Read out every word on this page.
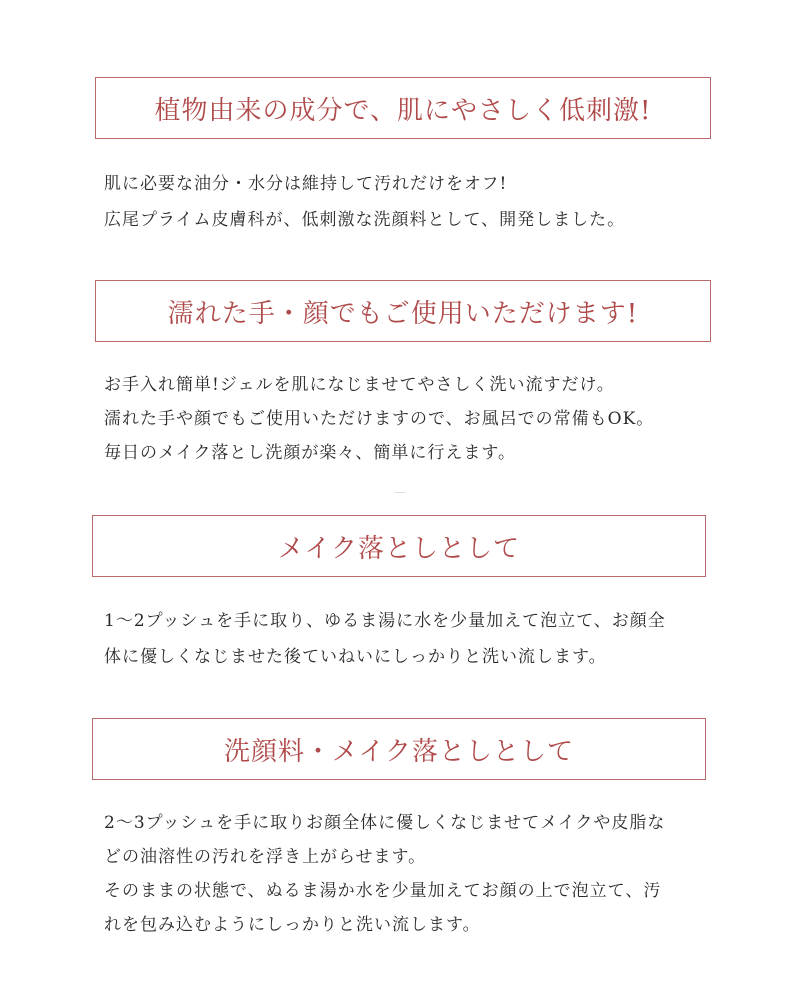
植物由来の成分で、肌にやさしく低刺激!
肌に必要な油分・水分は維持して汚れだけをオフ!
広尾プライム皮膚科が、低刺激な洗顔料として、開発しました。
濡れた手・顔でもご使用いただけます!
お手入れ簡単!ジェルを肌になじませてやさしく洗い流すだけ。
濡れた手や顔でもご使用いただけますので、お風呂での常備もOK。
毎日のメイク落とし洗顔が楽々、簡単に行えます。
メイク落としとして
1～2プッシュを手に取り、ゆるま湯に水を少量加えて泡立て、お顔全
体に優しくなじませた後ていねいにしっかりと洗い流します。
洗顔料・メイク落としとして
2～3プッシュを手に取りお顔全体に優しくなじませてメイクや皮脂な
どの油溶性の汚れを浮き上がらせます。
そのままの状態で、ぬるま湯か水を少量加えてお顔の上で泡立て、汚
れを包み込むようにしっかりと洗い流します。
